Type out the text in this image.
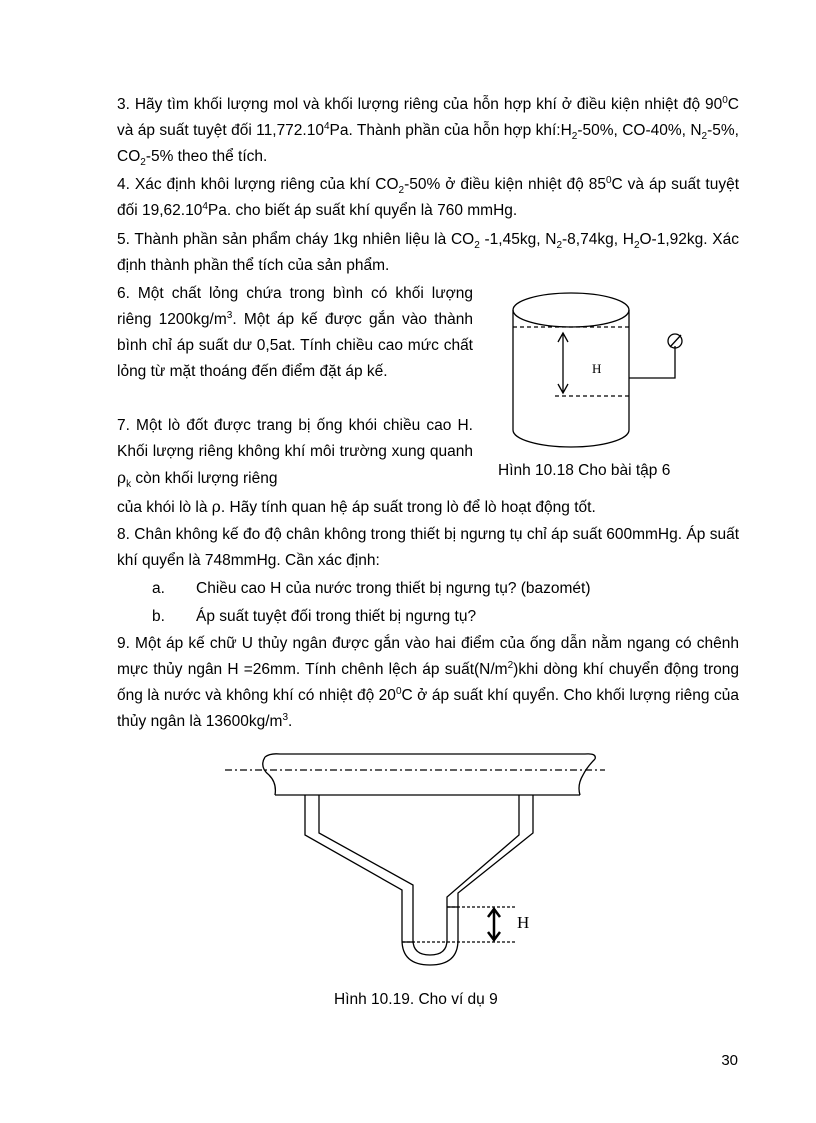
3. Hãy tìm khối lượng mol và khối lượng riêng của hỗn hợp khí ở điều kiện nhiệt độ $90^0C$ và áp suất tuyệt đối 11,772.10$^4$Pa. Thành phần của hỗn hợp $khí:H_2-50\%$, CO-40%, $N_2-5\%$, $CO_2-5\%$ theo thể tích.

4. Xác định khôi lượng riêng của khí $CO_2-50\%$ ở điều kiện nhiệt độ $85^0C$ và áp suất tuyệt đối 19,62.10$^4$Pa. cho biết áp suất khí quyển là 760 mmHg.

5. Thành phần sản phẩm cháy 1kg nhiên liệu là $CO_2$ -1,45kg, $N_2-8,74kg$, $H_2O-1,92kg$. Xác định thành phần thể tích của sản phẩm.

6. Một chất lỏng chứa trong bình có khối lượng riêng $1200kg/m^3$. Một áp kế được gắn vào thành bình chỉ áp suất dư 0,5at. Tính chiều cao mức chất lỏng từ mặt thoáng đến điểm đặt áp kế.

7. Một lò đốt được trang bị ống khói chiều cao H. Khối lượng riêng không khí môi trường xung quanh $\rho_k$ còn khối lượng riêng

của khói lò là ρ. Hãy tính quan hệ áp suất trong lò để lò hoạt động tốt.

8. Chân không kế đo độ chân không trong thiết bị ngưng tụ chỉ áp suất 600mmHg. Áp suất khí quyển là 748mmHg. Cần xác định:

a. Chiều cao H của nước trong thiết bị ngưng tụ? (bazomét)
b. Áp suất tuyệt đối trong thiết bị ngưng tụ?

9. Một áp kế chữ U thủy ngân được gắn vào hai điểm của ống dẫn nằm ngang có chênh mực thủy ngân H =26mm. Tính chênh lệch áp $suất(N/m^2)khi$ dòng khí chuyển động trong ống là nước và không khí có nhiệt độ $20^0C$ ở áp suất khí quyển. Cho khối lượng riêng của thủy ngân là $13600kg/m^3$.

H
Hình 10.18 Cho bài tập 6
H
Hình 10.19. Cho ví dụ 9
30
